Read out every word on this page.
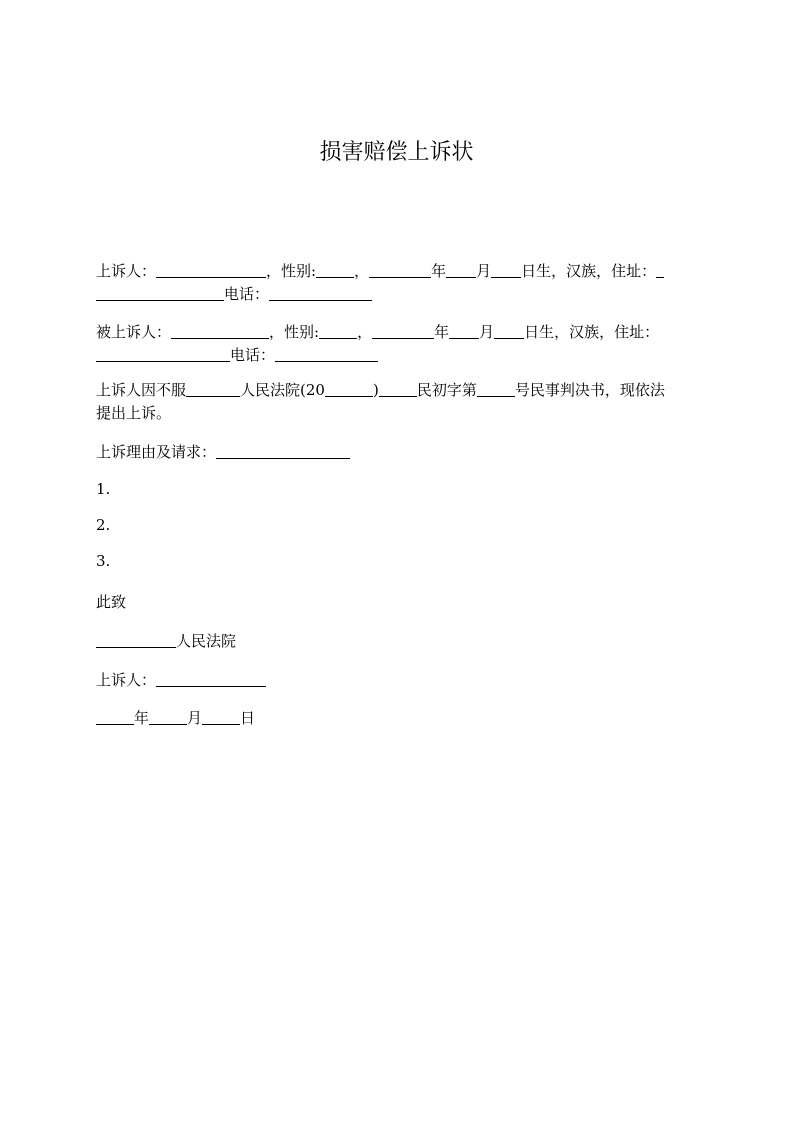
损害赔偿上诉状
上诉人：	，性别:	，	年 月 日生，汉族，住址：
电话：
被上诉人：	，性别:	，	年 月 日生，汉族，住址：
电话：
上诉人因不服	人民法院(20	)	民初字第	号民事判决书，现依法
提出上诉。
上诉理由及请求：
1.
2.
3.
此致
人民法院
上诉人：
年	月	日
